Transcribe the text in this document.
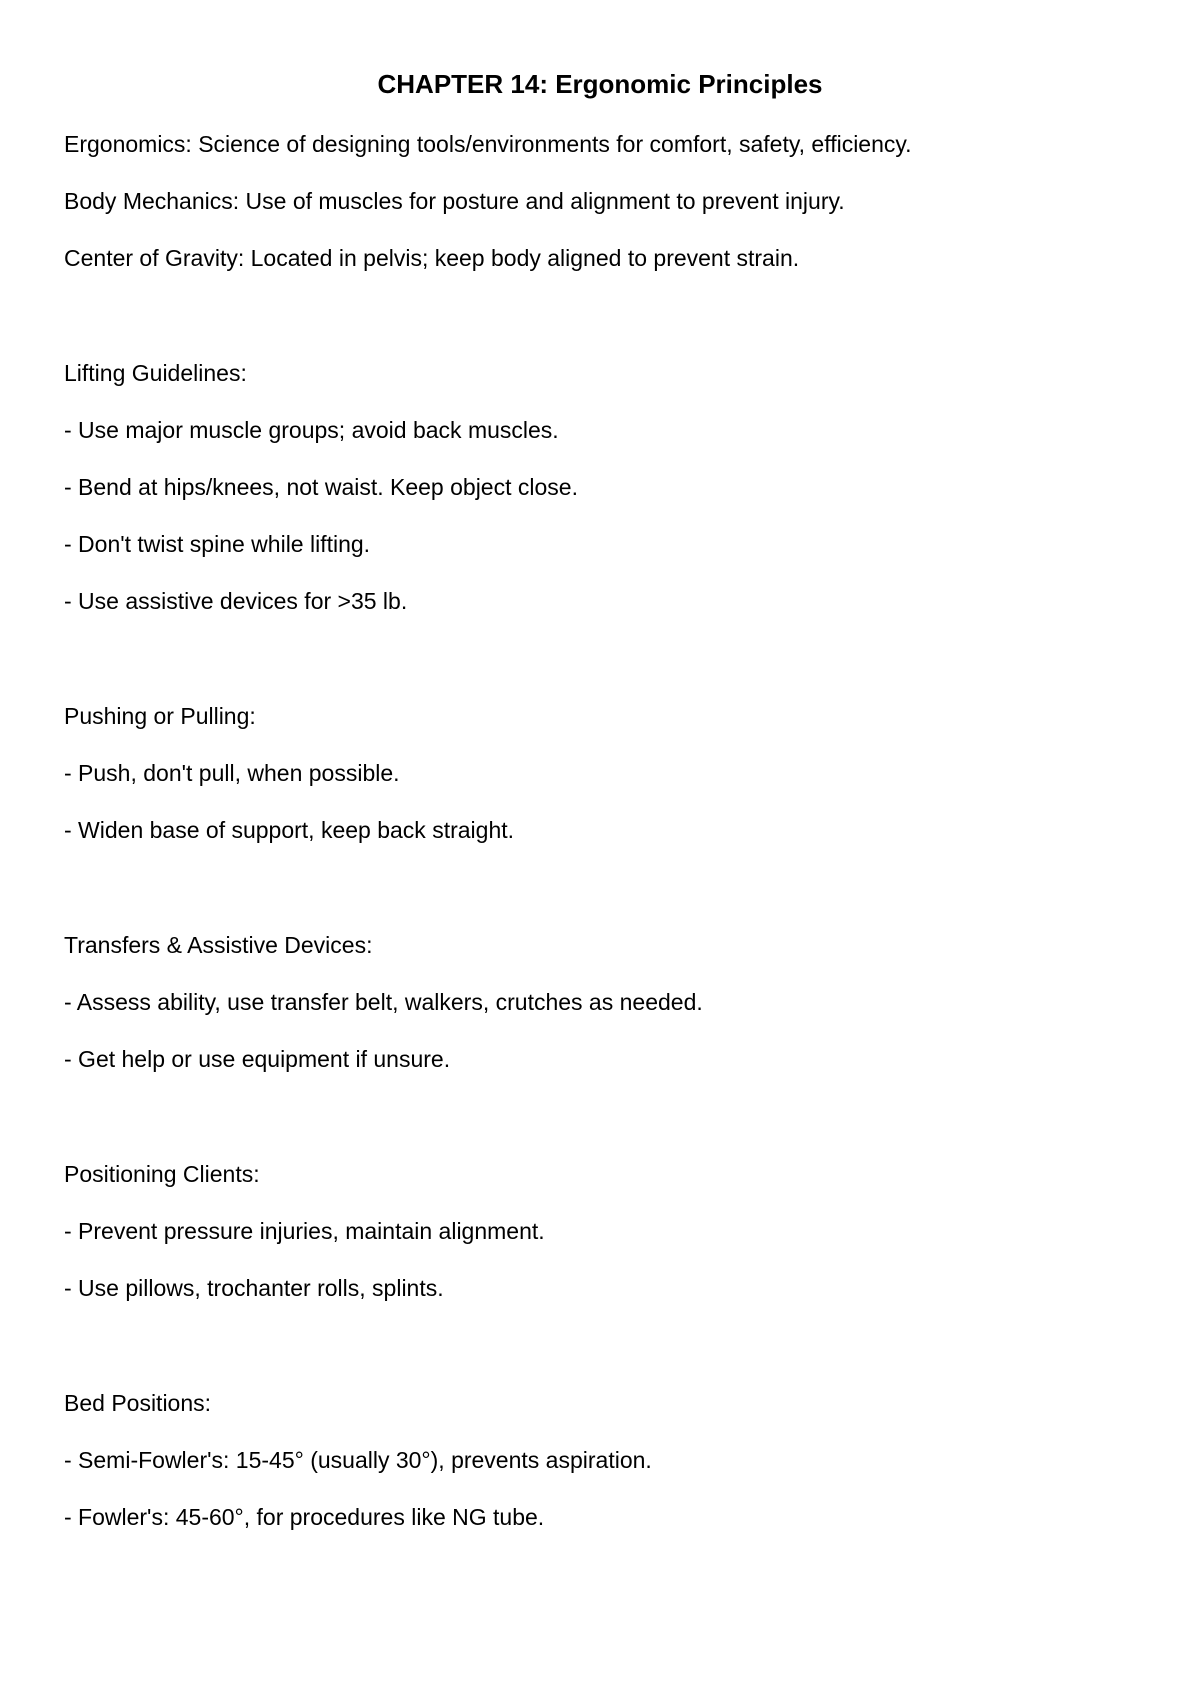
CHAPTER 14: Ergonomic Principles
Ergonomics: Science of designing tools/environments for comfort, safety, efficiency.
Body Mechanics: Use of muscles for posture and alignment to prevent injury.
Center of Gravity: Located in pelvis; keep body aligned to prevent strain.
Lifting Guidelines:
- Use major muscle groups; avoid back muscles.
- Bend at hips/knees, not waist. Keep object close.
- Don't twist spine while lifting.
- Use assistive devices for >35 lb.
Pushing or Pulling:
- Push, don't pull, when possible.
- Widen base of support, keep back straight.
Transfers & Assistive Devices:
- Assess ability, use transfer belt, walkers, crutches as needed.
- Get help or use equipment if unsure.
Positioning Clients:
- Prevent pressure injuries, maintain alignment.
- Use pillows, trochanter rolls, splints.
Bed Positions:
- Semi-Fowler's: 15-45° (usually 30°), prevents aspiration.
- Fowler's: 45-60°, for procedures like NG tube.
